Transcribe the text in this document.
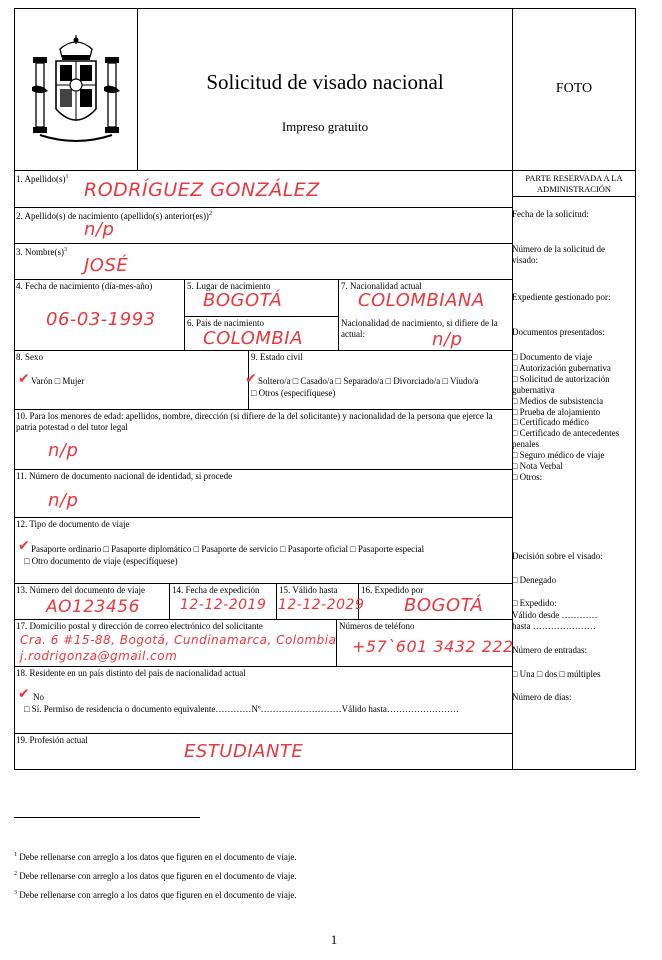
Solicitud de visado nacional
Impreso gratuito
FOTO
1. $Apellido(s)^1$
RODRÍGUEZ GONZÁLEZ
2. Apellido(s) de nacimiento (apellido(s) anterior(es))$^2$
n/p
3. $Nombre(s)^3$
JOSÉ
4. Fecha de nacimiento (día-mes-año)
06-03-1993
5. Lugar de nacimiento
BOGOTÁ
6. País de nacimiento
COLOMBIA
7. Nacionalidad actual
COLOMBIANA
Nacionalidad de nacimiento, si difiere de la actual:	n/p
8. Sexo
✔ Varón □ Mujer
9. Estado civil
✔ Soltero/a □ Casado/a □ Separado/a □ Divorciado/a □ Viudo/a
□ Otros (especifíquese)
10. Para los menores de edad: apellidos, nombre, dirección (si difiere de la del solicitante) y nacionalidad de la persona que ejerce la patria potestad o del tutor legal
n/p
11. Número de documento nacional de identidad, si procede
n/p
12. Tipo de documento de viaje
✔ Pasaporte ordinario □ Pasaporte diplomático □ Pasaporte de servicio □ Pasaporte oficial □ Pasaporte especial
□ Otro documento de viaje (especifíquese)
13. Número del documento de viaje
AO123456
14. Fecha de expedición
12-12-2019
15. Válido hasta
12-12-2029
16. Expedido por
BOGOTÁ
17. Domicilio postal y dirección de correo electrónico del solicitante
Cra. 6 #15-88, Bogotá, Cundinamarca, Colombia
j.rodrigonza@gmail.com
Números de teléfono
+57`601 3432 222
18. Residente en un país distinto del país de nacionalidad actual
✔ No
□ Sí. Permiso de residencia o documento equivalente…………Nº………………………Válido hasta……………………
19. Profesión actual
ESTUDIANTE
PARTE RESERVADA A LA
ADMINISTRACIÓN
Fecha de la solicitud:
Número de la solicitud de visado:
Expediente gestionado por:
Documentos presentados:
□ Documento de viaje
□ Autorización gubernativa
□ Solicitud de autorización gubernativa
□ Medios de subsistencia
□ Prueba de alojamiento
□ Certificado médico
□ Certificado de antecedentes penales
□ Seguro médico de viaje
□ Nota Verbal
□ Otros:
Decisión sobre el visado:
□ Denegado
□ Expedido:
Válido desde …………
hasta …………………
Número de entradas:
□ Una □ dos □ múltiples
Número de días:
$^1$ Debe rellenarse con arreglo a los datos que figuren en el documento de viaje.
$^2$ Debe rellenarse con arreglo a los datos que figuren en el documento de viaje.
$^3$ Debe rellenarse con arreglo a los datos que figuren en el documento de viaje.
1
